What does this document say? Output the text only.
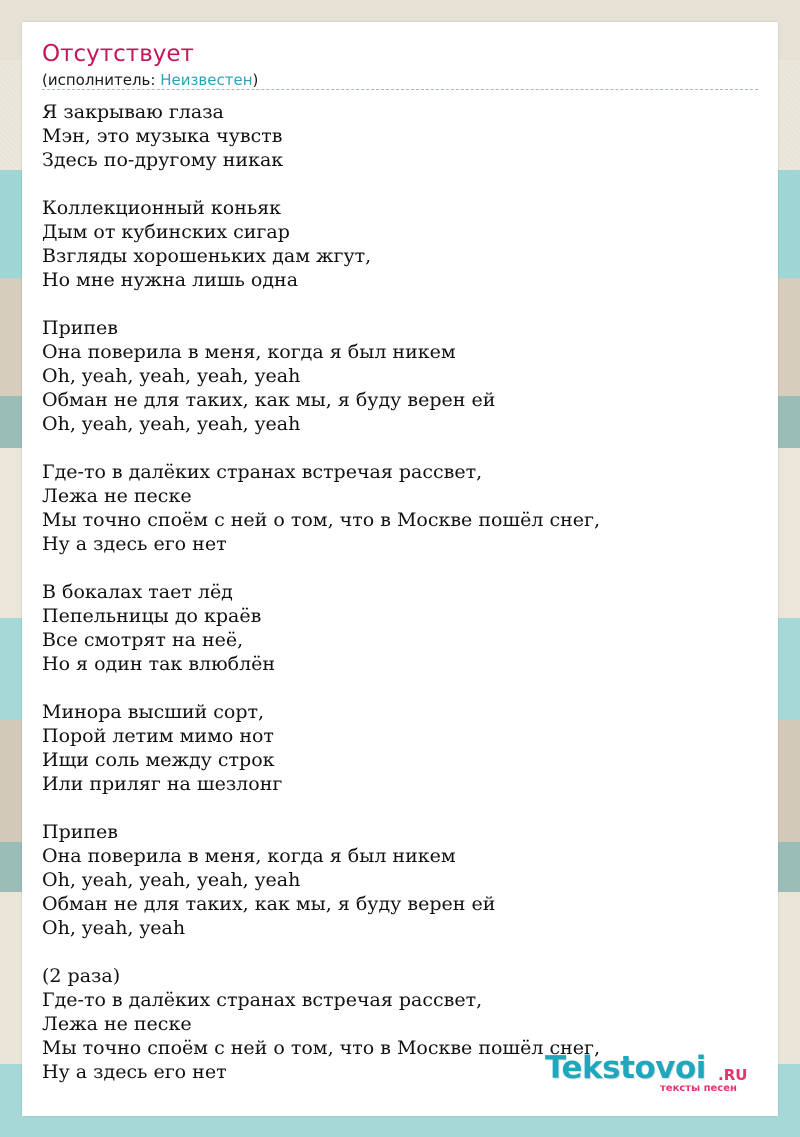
Отсутствует
(исполнитель: Неизвестен)
Я закрываю глаза
Мэн, это музыка чувств
Здесь по-другому никак
Коллекционный коньяк
Дым от кубинских сигар
Взгляды хорошеньких дам жгут,
Но мне нужна лишь одна
Припев
Она поверила в меня, когда я был никем
Oh, yeah, yeah, yeah, yeah
Обман не для таких, как мы, я буду верен ей
Oh, yeah, yeah, yeah, yeah
Где-то в далёких странах встречая рассвет,
Лежа не песке
Мы точно споём с ней о том, что в Москве пошёл снег,
Ну а здесь его нет
В бокалах тает лёд
Пепельницы до краёв
Все смотрят на неё,
Но я один так влюблён
Минора высший сорт,
Порой летим мимо нот
Ищи соль между строк
Или приляг на шезлонг
Припев
Она поверила в меня, когда я был никем
Oh, yeah, yeah, yeah, yeah
Обман не для таких, как мы, я буду верен ей
Oh, yeah, yeah
(2 раза)
Где-то в далёких странах встречая рассвет,
Лежа не песке
Мы точно споём с ней о том, что в Москве пошёл снег,
Ну а здесь его нет	Tekstovoi .RU
тексты песен
